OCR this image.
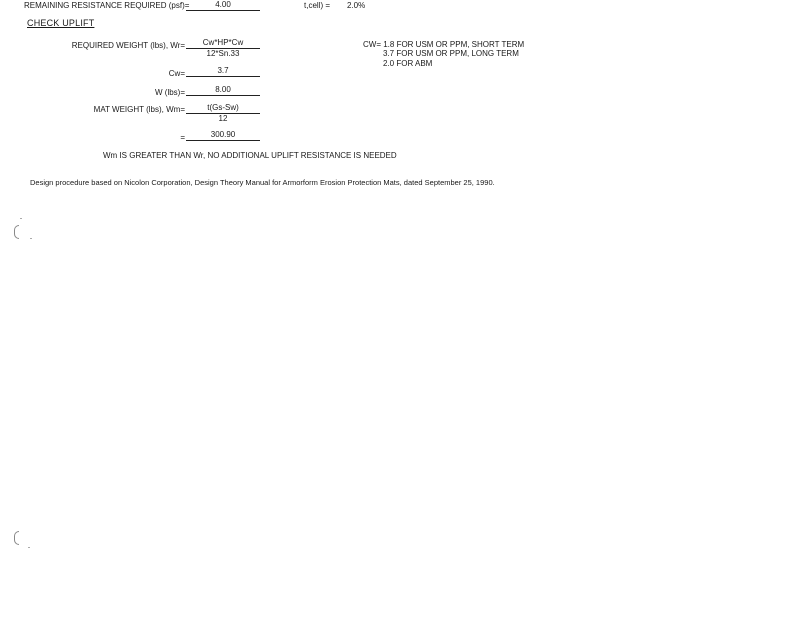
REMAINING RESISTANCE REQUIRED (psf)=	4.00	t,cell) = 2.0%
CHECK UPLIFT
REQUIRED WEIGHT (lbs), Wr=	Cw*HP*Cw
12*Sn.33
CW= 1.8 FOR USM OR PPM, SHORT TERM
3.7 FOR USM OR PPM, LONG TERM
2.0 FOR ABM
Cw=	3.7
W (lbs)=	8.00
MAT WEIGHT (lbs), Wm=	t(Gs-Sw)
12
=	300.90
Wm IS GREATER THAN Wr, NO ADDITIONAL UPLIFT RESISTANCE IS NEEDED
Design procedure based on Nicolon Corporation, Design Theory Manual for Armorform Erosion Protection Mats, dated September 25, 1990.
